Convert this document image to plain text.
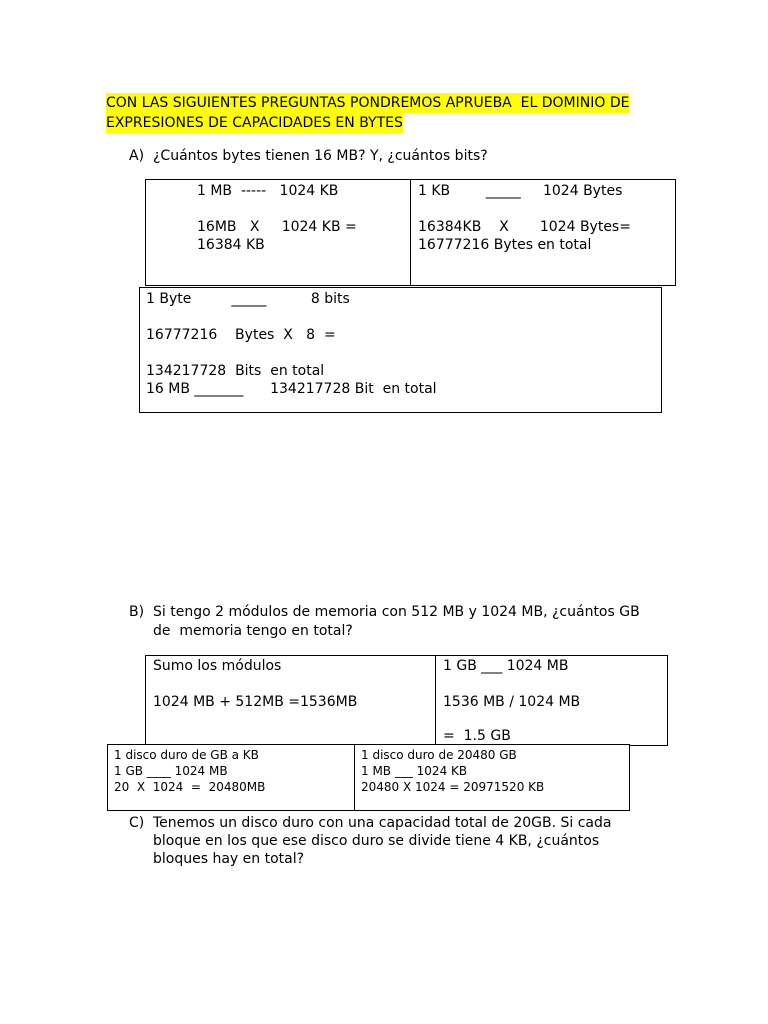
CON LAS SIGUIENTES PREGUNTAS PONDREMOS APRUEBA  EL DOMINIO DE
EXPRESIONES DE CAPACIDADES EN BYTES
A) ¿Cuántos bytes tienen 16 MB? Y, ¿cuántos bits?
1 MB  -----   1024 KB
16MB   X     1024 KB =
16384 KB
1 KB        _____     1024 Bytes
16384KB    X       1024 Bytes=
16777216 Bytes en total
1 Byte         _____          8 bits
16777216    Bytes  X   8  =
134217728  Bits  en total
16 MB _______      134217728 Bit  en total
B) Si tengo 2 módulos de memoria con 512 MB y 1024 MB, ¿cuántos GB
de  memoria tengo en total?
Sumo los módulos
1024 MB + 512MB =1536MB
1 GB ___ 1024 MB
1536 MB / 1024 MB
=  1.5 GB
1 disco duro de GB a KB
1 GB ____ 1024 MB
20  X  1024  =  20480MB
1 disco duro de 20480 GB
1 MB ___ 1024 KB
20480 X 1024 = 20971520 KB
C) Tenemos un disco duro con una capacidad total de 20GB. Si cada
bloque en los que ese disco duro se divide tiene 4 KB, ¿cuántos
bloques hay en total?
